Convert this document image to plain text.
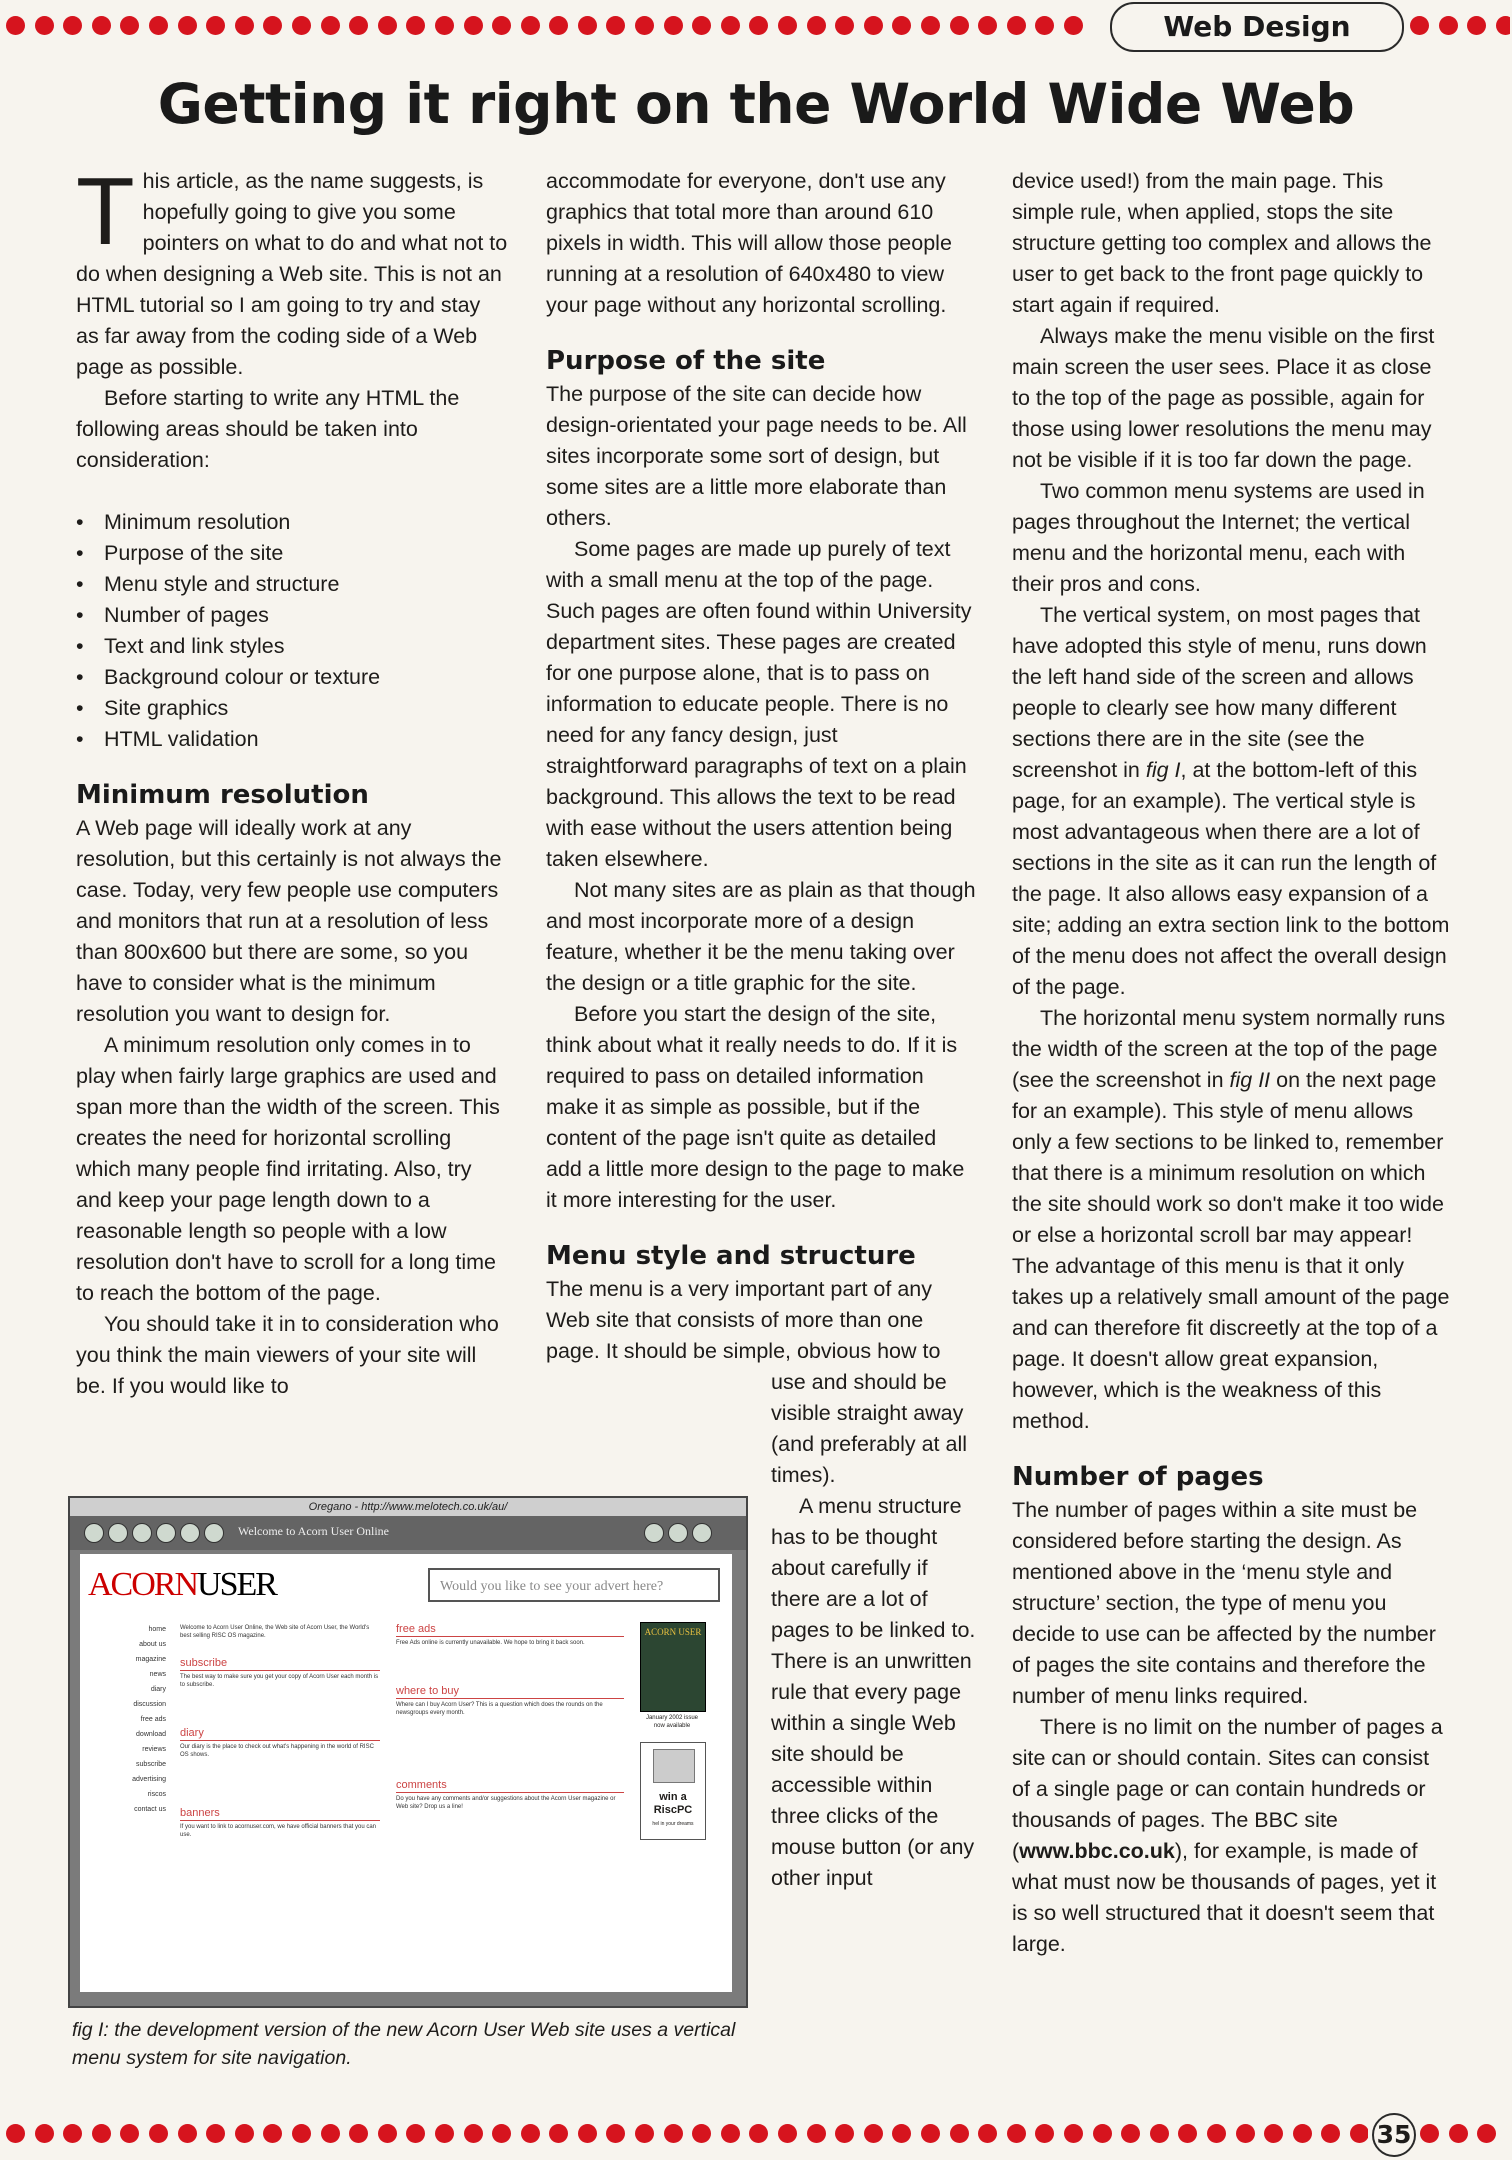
Web Design
Getting it right on the World Wide Web

This article, as the name suggests, is hopefully going to give you some pointers on what to do and what not to do when designing a Web site. This is not an HTML tutorial so I am going to try and stay as far away from the coding side of a Web page as possible.

Before starting to write any HTML the following areas should be taken into consideration:

• Minimum resolution
• Purpose of the site
• Menu style and structure
• Number of pages
• Text and link styles
• Background colour or texture
• Site graphics
• HTML validation
Minimum resolution

A Web page will ideally work at any resolution, but this certainly is not always the case. Today, very few people use computers and monitors that run at a resolution of less than 800x600 but there are some, so you have to consider what is the minimum resolution you want to design for.

A minimum resolution only comes in to play when fairly large graphics are used and span more than the width of the screen. This creates the need for horizontal scrolling which many people find irritating. Also, try and keep your page length down to a reasonable length so people with a low resolution don't have to scroll for a long time to reach the bottom of the page.

You should take it in to consideration who you think the main viewers of your site will be. If you would like to

accommodate for everyone, don't use any graphics that total more than around 610 pixels in width. This will allow those people running at a resolution of 640x480 to view your page without any horizontal scrolling.

Purpose of the site

The purpose of the site can decide how design-orientated your page needs to be. All sites incorporate some sort of design, but some sites are a little more elaborate than others.

Some pages are made up purely of text with a small menu at the top of the page. Such pages are often found within University department sites. These pages are created for one purpose alone, that is to pass on information to educate people. There is no need for any fancy design, just straightforward paragraphs of text on a plain background. This allows the text to be read with ease without the users attention being taken elsewhere.

Not many sites are as plain as that though and most incorporate more of a design feature, whether it be the menu taking over the design or a title graphic for the site.

Before you start the design of the site, think about what it really needs to do. If it is required to pass on detailed information make it as simple as possible, but if the content of the page isn't quite as detailed add a little more design to the page to make it more interesting for the user.

Menu style and structure

The menu is a very important part of any Web site that consists of more than one page. It should be simple, obvious how to

use and should be visible straight away (and preferably at all times).

A menu structure has to be thought about carefully if there are a lot of pages to be linked to. There is an unwritten rule that every page within a single Web site should be accessible within three clicks of the mouse button (or any other input

device used!) from the main page. This simple rule, when applied, stops the site structure getting too complex and allows the user to get back to the front page quickly to start again if required.

Always make the menu visible on the first main screen the user sees. Place it as close to the top of the page as possible, again for those using lower resolutions the menu may not be visible if it is too far down the page.

Two common menu systems are used in pages throughout the Internet; the vertical menu and the horizontal menu, each with their pros and cons.

The vertical system, on most pages that have adopted this style of menu, runs down the left hand side of the screen and allows people to clearly see how many different sections there are in the site (see the screenshot in fig I, at the bottom-left of this page, for an example). The vertical style is most advantageous when there are a lot of sections in the site as it can run the length of the page. It also allows easy expansion of a site; adding an extra section link to the bottom of the menu does not affect the overall design of the page.

The horizontal menu system normally runs the width of the screen at the top of the page (see the screenshot in fig II on the next page for an example). This style of menu allows only a few sections to be linked to, remember that there is a minimum resolution on which the site should work so don't make it too wide or else a horizontal scroll bar may appear! The advantage of this menu is that it only takes up a relatively small amount of the page and can therefore fit discreetly at the top of a page. It doesn't allow great expansion, however, which is the weakness of this method.

Number of pages

The number of pages within a site must be considered before starting the design. As mentioned above in the ‘menu style and structure’ section, the type of menu you decide to use can be affected by the number of pages the site contains and therefore the number of menu links required.

There is no limit on the number of pages a site can or should contain. Sites can consist of a single page or can contain hundreds or thousands of pages. The BBC site (www.bbc.co.uk), for example, is made of what must now be thousands of pages, yet it is so well structured that it doesn't seem that large.

Oregano - http://www.melotech.co.uk/au/
Welcome to Acorn User Online
ACORNUSER	Would you like to see your advert here?
home
about us
magazine
news
diary
discussion
free ads
download
reviews
subscribe
advertising
riscos
contact us
Welcome to Acorn User Online, the Web site of Acorn User, the World's best selling RISC OS magazine.
subscribe
The best way to make sure you get your copy of Acorn User each month is to subscribe.
diary
Our diary is the place to check out what's happening in the world of RISC OS shows.
banners
If you want to link to acornuser.com, we have official banners that you can use.
free ads
Free Ads online is currently unavailable. We hope to bring it back soon.
where to buy
Where can I buy Acorn User? This is a question which does the rounds on the newsgroups every month.
comments
Do you have any comments and/or suggestions about the Acorn User magazine or Web site? Drop us a line!
ACORN USER
January 2002 issue now available
win a RiscPC
hel in your dreams
fig I: the development version of the new Acorn User Web site uses a vertical menu system for site navigation.
35
